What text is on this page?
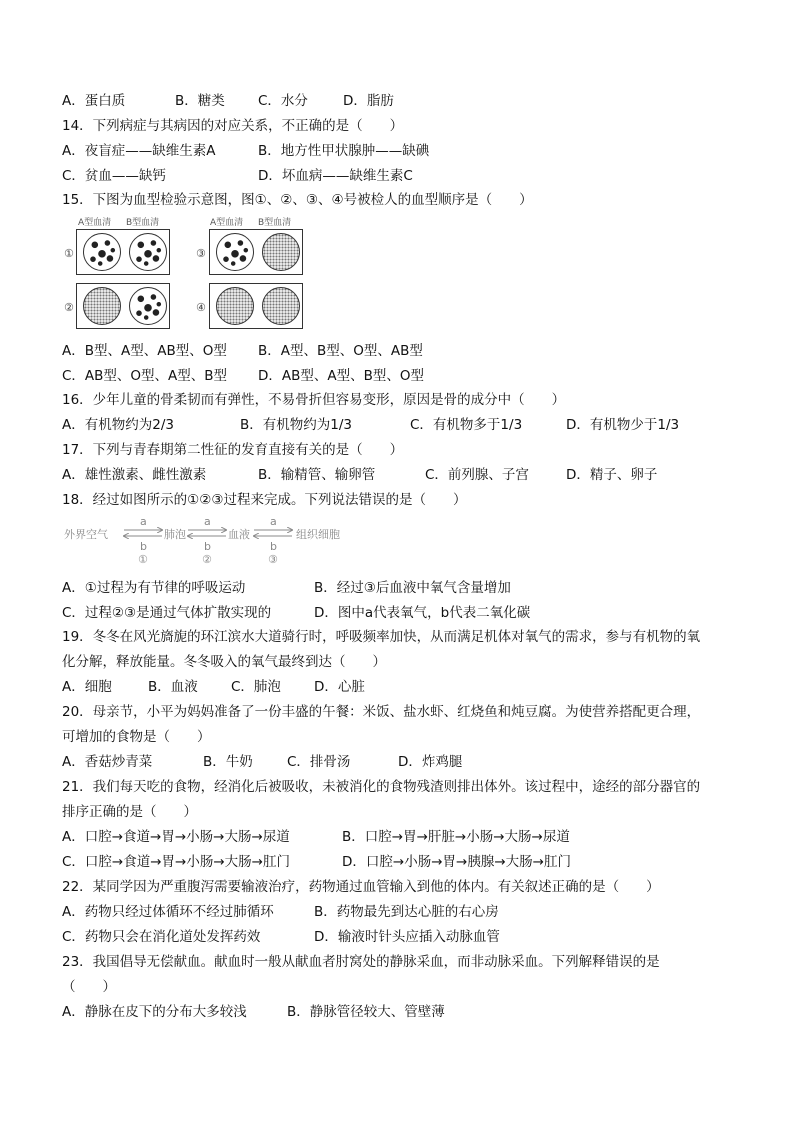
A．蛋白质	B．糖类 C．水分	D．脂肪
14．下列病症与其病因的对应关系，不正确的是（　　）
A．夜盲症——缺维生素A	B．地方性甲状腺肿——缺碘
C．贫血——缺钙	D．坏血病——缺维生素C
15．下图为血型检验示意图，图①、②、③、④号被检人的血型顺序是（　　）
A型血清 B型血清	A型血清 B型血清
①	③
②	④
A．B型、A型、AB型、O型 B．A型、B型、O型、AB型
C．AB型、O型、A型、B型 D．AB型、A型、B型、O型
16．少年儿童的骨柔韧而有弹性，不易骨折但容易变形，原因是骨的成分中（　　）
A．有机物约为2/3	B．有机物约为1/3	C．有机物多于1/3	D．有机物少于1/3
17．下列与青春期第二性征的发育直接有关的是（　　）
A．雄性激素、雌性激素	B．输精管、输卵管	C．前列腺、子宫	D．精子、卵子
18．经过如图所示的①②③过程来完成。下列说法错误的是（　　）
外界空气	肺泡	血液	组织细胞
a	a	a
b	b	b
①	②	③
A．①过程为有节律的呼吸运动	B．经过③后血液中氧气含量增加
C．过程②③是通过气体扩散实现的	D．图中a代表氧气，b代表二氧化碳
19．冬冬在风光旖旎的环江滨水大道骑行时，呼吸频率加快，从而满足机体对氧气的需求，参与有机物的氧
化分解，释放能量。冬冬吸入的氧气最终到达（　　）
A．细胞	B．血液 C．肺泡 D．心脏
20．母亲节，小平为妈妈准备了一份丰盛的午餐：米饭、盐水虾、红烧鱼和炖豆腐。为使营养搭配更合理，
可增加的食物是（　　）
A．香菇炒青菜	B．牛奶	C．排骨汤	D．炸鸡腿
21．我们每天吃的食物，经消化后被吸收，未被消化的食物残渣则排出体外。该过程中，途经的部分器官的
排序正确的是（　　）
A．口腔→食道→胃→小肠→大肠→尿道	B．口腔→胃→肝脏→小肠→大肠→尿道
C．口腔→食道→胃→小肠→大肠→肛门	D．口腔→小肠→胃→胰腺→大肠→肛门
22．某同学因为严重腹泻需要输液治疗，药物通过血管输入到他的体内。有关叙述正确的是（　　）
A．药物只经过体循环不经过肺循环	B．药物最先到达心脏的右心房
C．药物只会在消化道处发挥药效	D．输液时针头应插入动脉血管
23．我国倡导无偿献血。献血时一般从献血者肘窝处的静脉采血，而非动脉采血。下列解释错误的是
（　　）
A．静脉在皮下的分布大多较浅	B．静脉管径较大、管壁薄
